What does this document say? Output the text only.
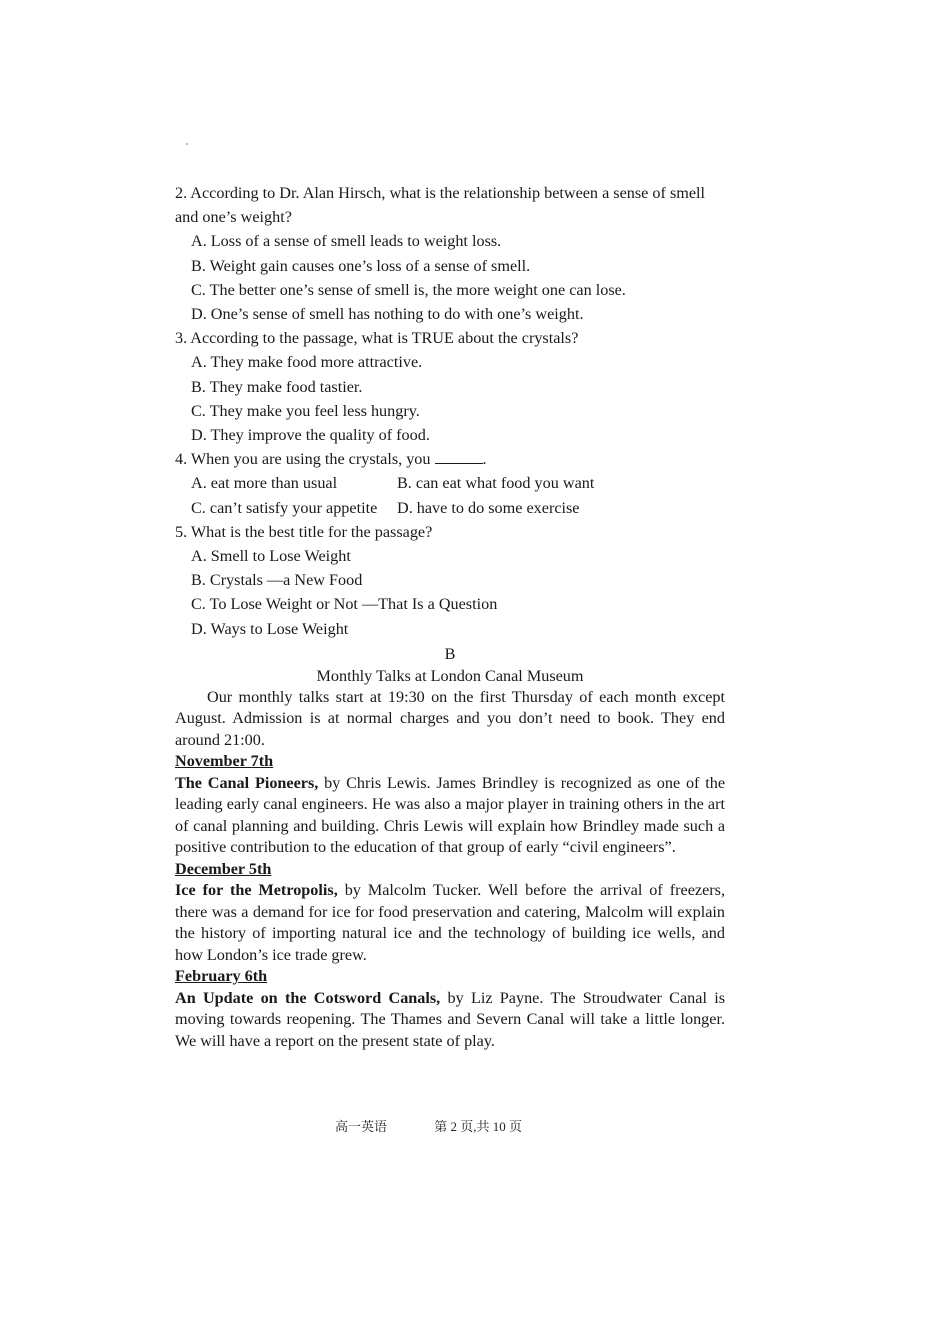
2. According to Dr. Alan Hirsch, what is the relationship between a sense of smell
and one’s weight?
A. Loss of a sense of smell leads to weight loss.
B. Weight gain causes one’s loss of a sense of smell.
C. The better one’s sense of smell is, the more weight one can lose.
D. One’s sense of smell has nothing to do with one’s weight.
3. According to the passage, what is TRUE about the crystals?
A. They make food more attractive.
B. They make food tastier.
C. They make you feel less hungry.
D. They improve the quality of food.
4. When you are using the crystals, you	.
A. eat more than usual	B. can eat what food you want
C. can’t satisfy your appetite	D. have to do some exercise
5. What is the best title for the passage?
A. Smell to Lose Weight
B. Crystals —a New Food
C. To Lose Weight or Not —That Is a Question
D. Ways to Lose Weight
B
Monthly Talks at London Canal Museum
Our monthly talks start at 19:30 on the first Thursday of each month except August. Admission is at normal charges and you don’t need to book. They end around 21:00.
November 7th
The Canal Pioneers, by Chris Lewis. James Brindley is recognized as one of the leading early canal engineers. He was also a major player in training others in the art of canal planning and building. Chris Lewis will explain how Brindley made such a positive contribution to the education of that group of early “civil engineers”.
December 5th
Ice for the Metropolis, by Malcolm Tucker. Well before the arrival of freezers, there was a demand for ice for food preservation and catering, Malcolm will explain the history of importing natural ice and the technology of building ice wells, and how London’s ice trade grew.
February 6th
An Update on the Cotsword Canals, by Liz Payne. The Stroudwater Canal is moving towards reopening. The Thames and Severn Canal will take a little longer. We will have a report on the present state of play.
高一英语	第 2 页,共 10 页
